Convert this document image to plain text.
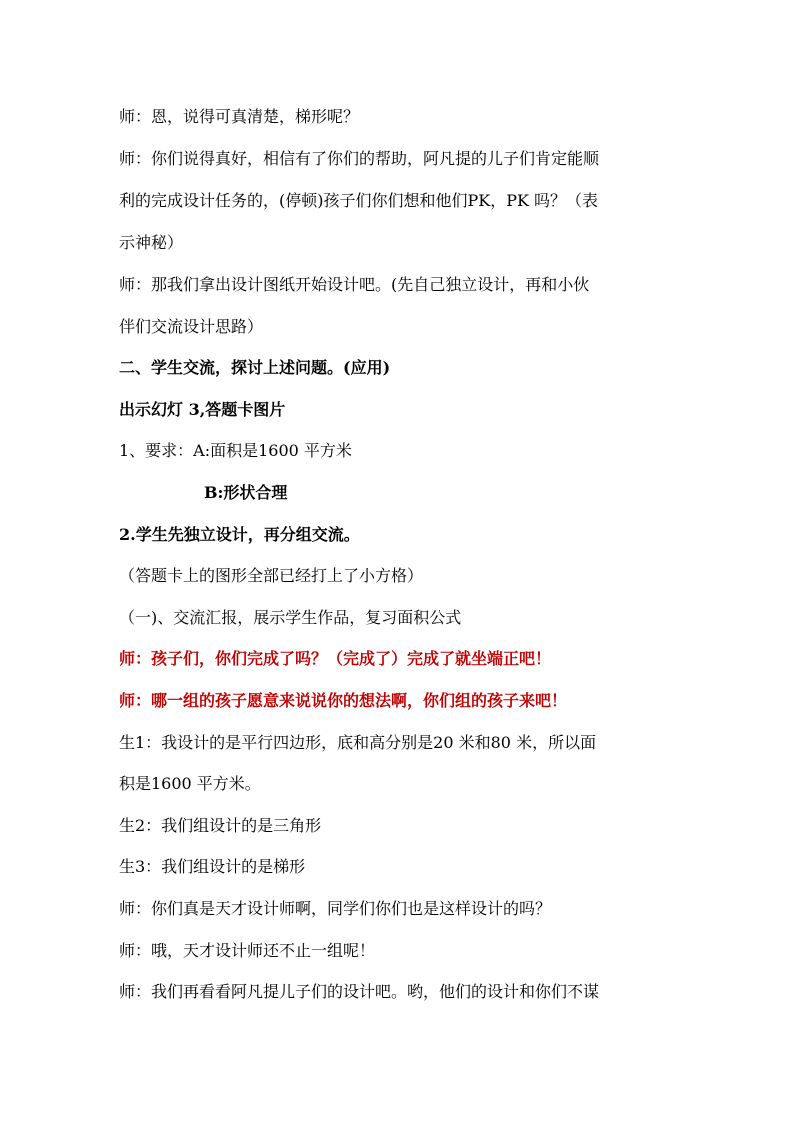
师：恩，说得可真清楚，梯形呢？
师：你们说得真好，相信有了你们的帮助，阿凡提的儿子们肯定能顺
利的完成设计任务的，(停顿)孩子们你们想和他们PK，PK 吗？（表
示神秘）
师：那我们拿出设计图纸开始设计吧。(先自己独立设计，再和小伙
伴们交流设计思路）
二、学生交流，探讨上述问题。(应用)
出示幻灯 3,答题卡图片
1、要求：A:面积是1600 平方米
B:形状合理
2.学生先独立设计，再分组交流。
（答题卡上的图形全部已经打上了小方格）
（一)、交流汇报，展示学生作品，复习面积公式
师：孩子们，你们完成了吗？（完成了）完成了就坐端正吧！
师：哪一组的孩子愿意来说说你的想法啊，你们组的孩子来吧！
生1：我设计的是平行四边形，底和高分别是20 米和80 米，所以面
积是1600 平方米。
生2：我们组设计的是三角形
生3：我们组设计的是梯形
师：你们真是天才设计师啊，同学们你们也是这样设计的吗？
师：哦，天才设计师还不止一组呢！
师：我们再看看阿凡提儿子们的设计吧。哟，他们的设计和你们不谋
